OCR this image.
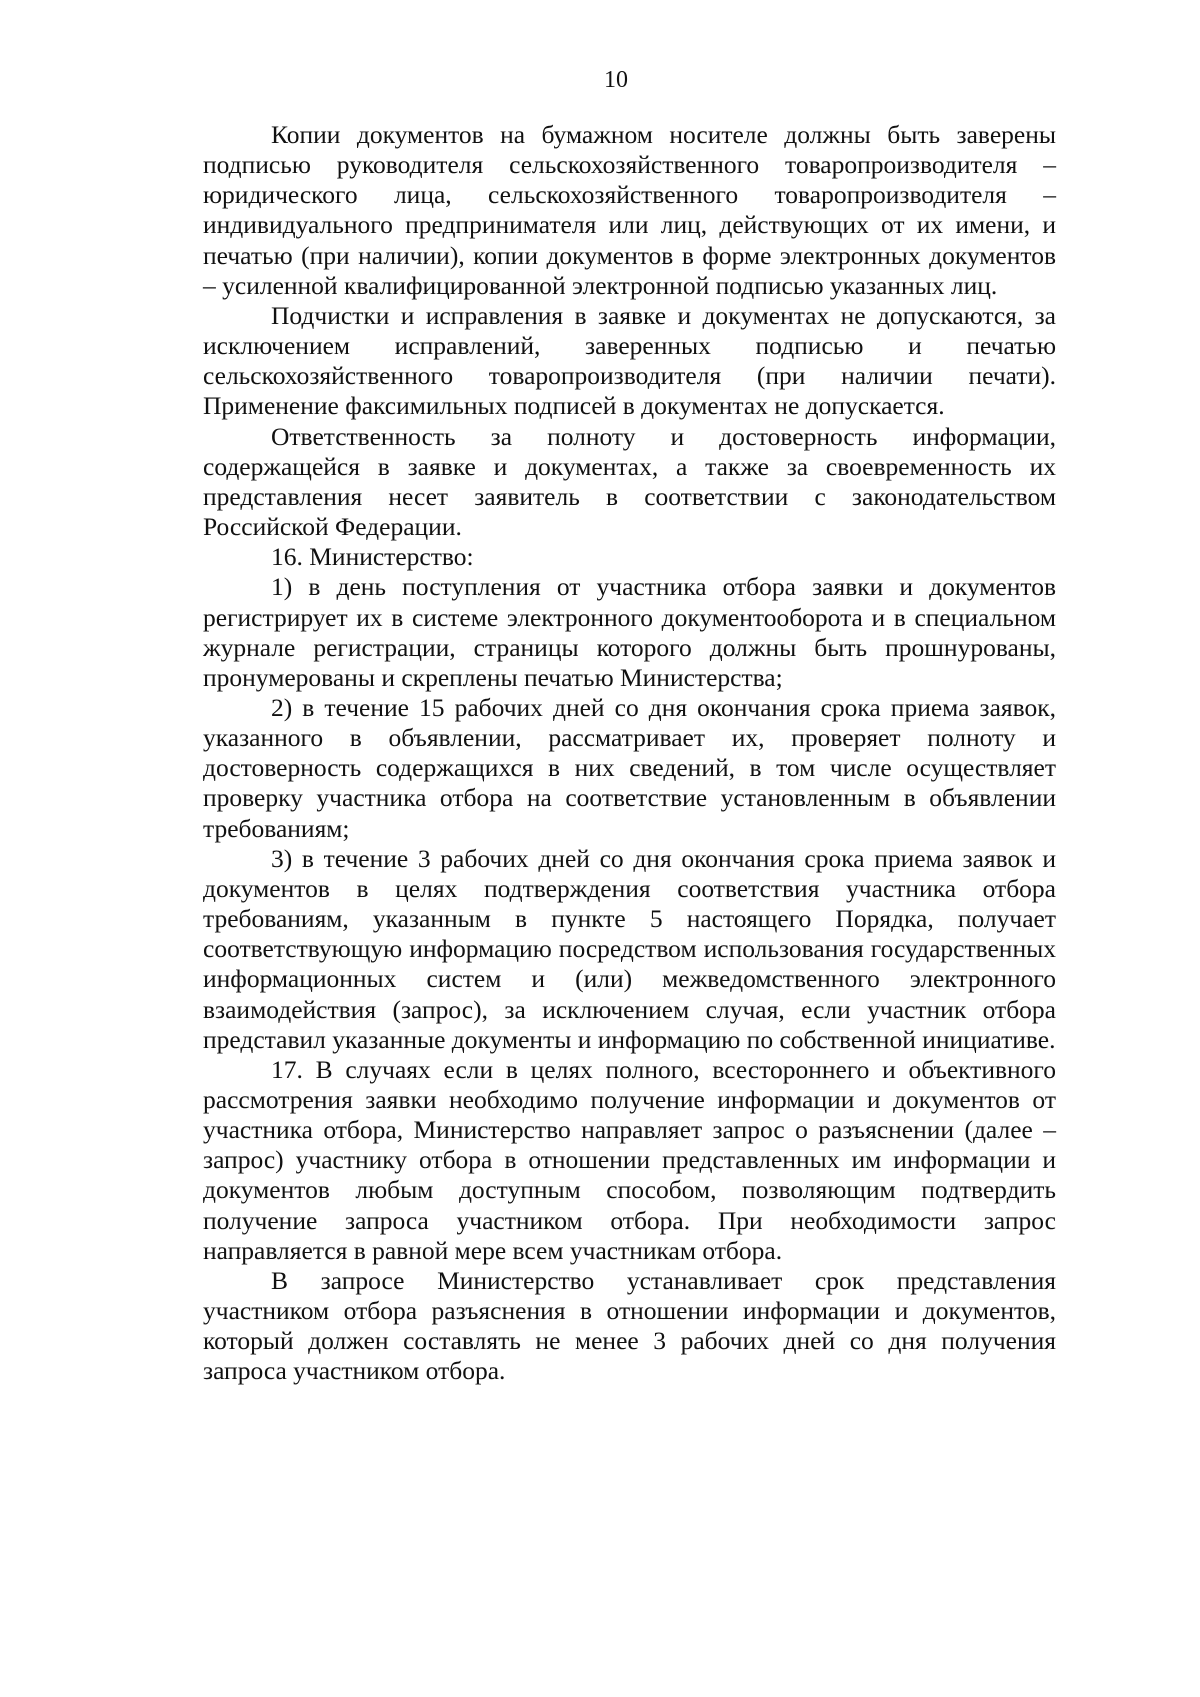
10

Копии документов на бумажном носителе должны быть заверены подписью руководителя сельскохозяйственного товаропроизводителя – юридического лица, сельскохозяйственного товаропроизводителя – индивидуального предпринимателя или лиц, действующих от их имени, и печатью (при наличии), копии документов в форме электронных документов – усиленной квалифицированной электронной подписью указанных лиц.

Подчистки и исправления в заявке и документах не допускаются, за исключением исправлений, заверенных подписью и печатью сельскохозяйственного товаропроизводителя (при наличии печати). Применение факсимильных подписей в документах не допускается.

Ответственность за полноту и достоверность информации, содержащейся в заявке и документах, а также за своевременность их представления несет заявитель в соответствии с законодательством Российской Федерации.

16. Министерство:

1) в день поступления от участника отбора заявки и документов регистрирует их в системе электронного документооборота и в специальном журнале регистрации, страницы которого должны быть прошнурованы, пронумерованы и скреплены печатью Министерства;

2) в течение 15 рабочих дней со дня окончания срока приема заявок, указанного в объявлении, рассматривает их, проверяет полноту и достоверность содержащихся в них сведений, в том числе осуществляет проверку участника отбора на соответствие установленным в объявлении требованиям;

3) в течение 3 рабочих дней со дня окончания срока приема заявок и документов в целях подтверждения соответствия участника отбора требованиям, указанным в пункте 5 настоящего Порядка, получает соответствующую информацию посредством использования государственных информационных систем и (или) межведомственного электронного взаимодействия (запрос), за исключением случая, если участник отбора представил указанные документы и информацию по собственной инициативе.

17. В случаях если в целях полного, всестороннего и объективного рассмотрения заявки необходимо получение информации и документов от участника отбора, Министерство направляет запрос о разъяснении (далее – запрос) участнику отбора в отношении представленных им информации и документов любым доступным способом, позволяющим подтвердить получение запроса участником отбора. При необходимости запрос направляется в равной мере всем участникам отбора.

В запросе Министерство устанавливает срок представления участником отбора разъяснения в отношении информации и документов, который должен составлять не менее 3 рабочих дней со дня получения запроса участником отбора.
